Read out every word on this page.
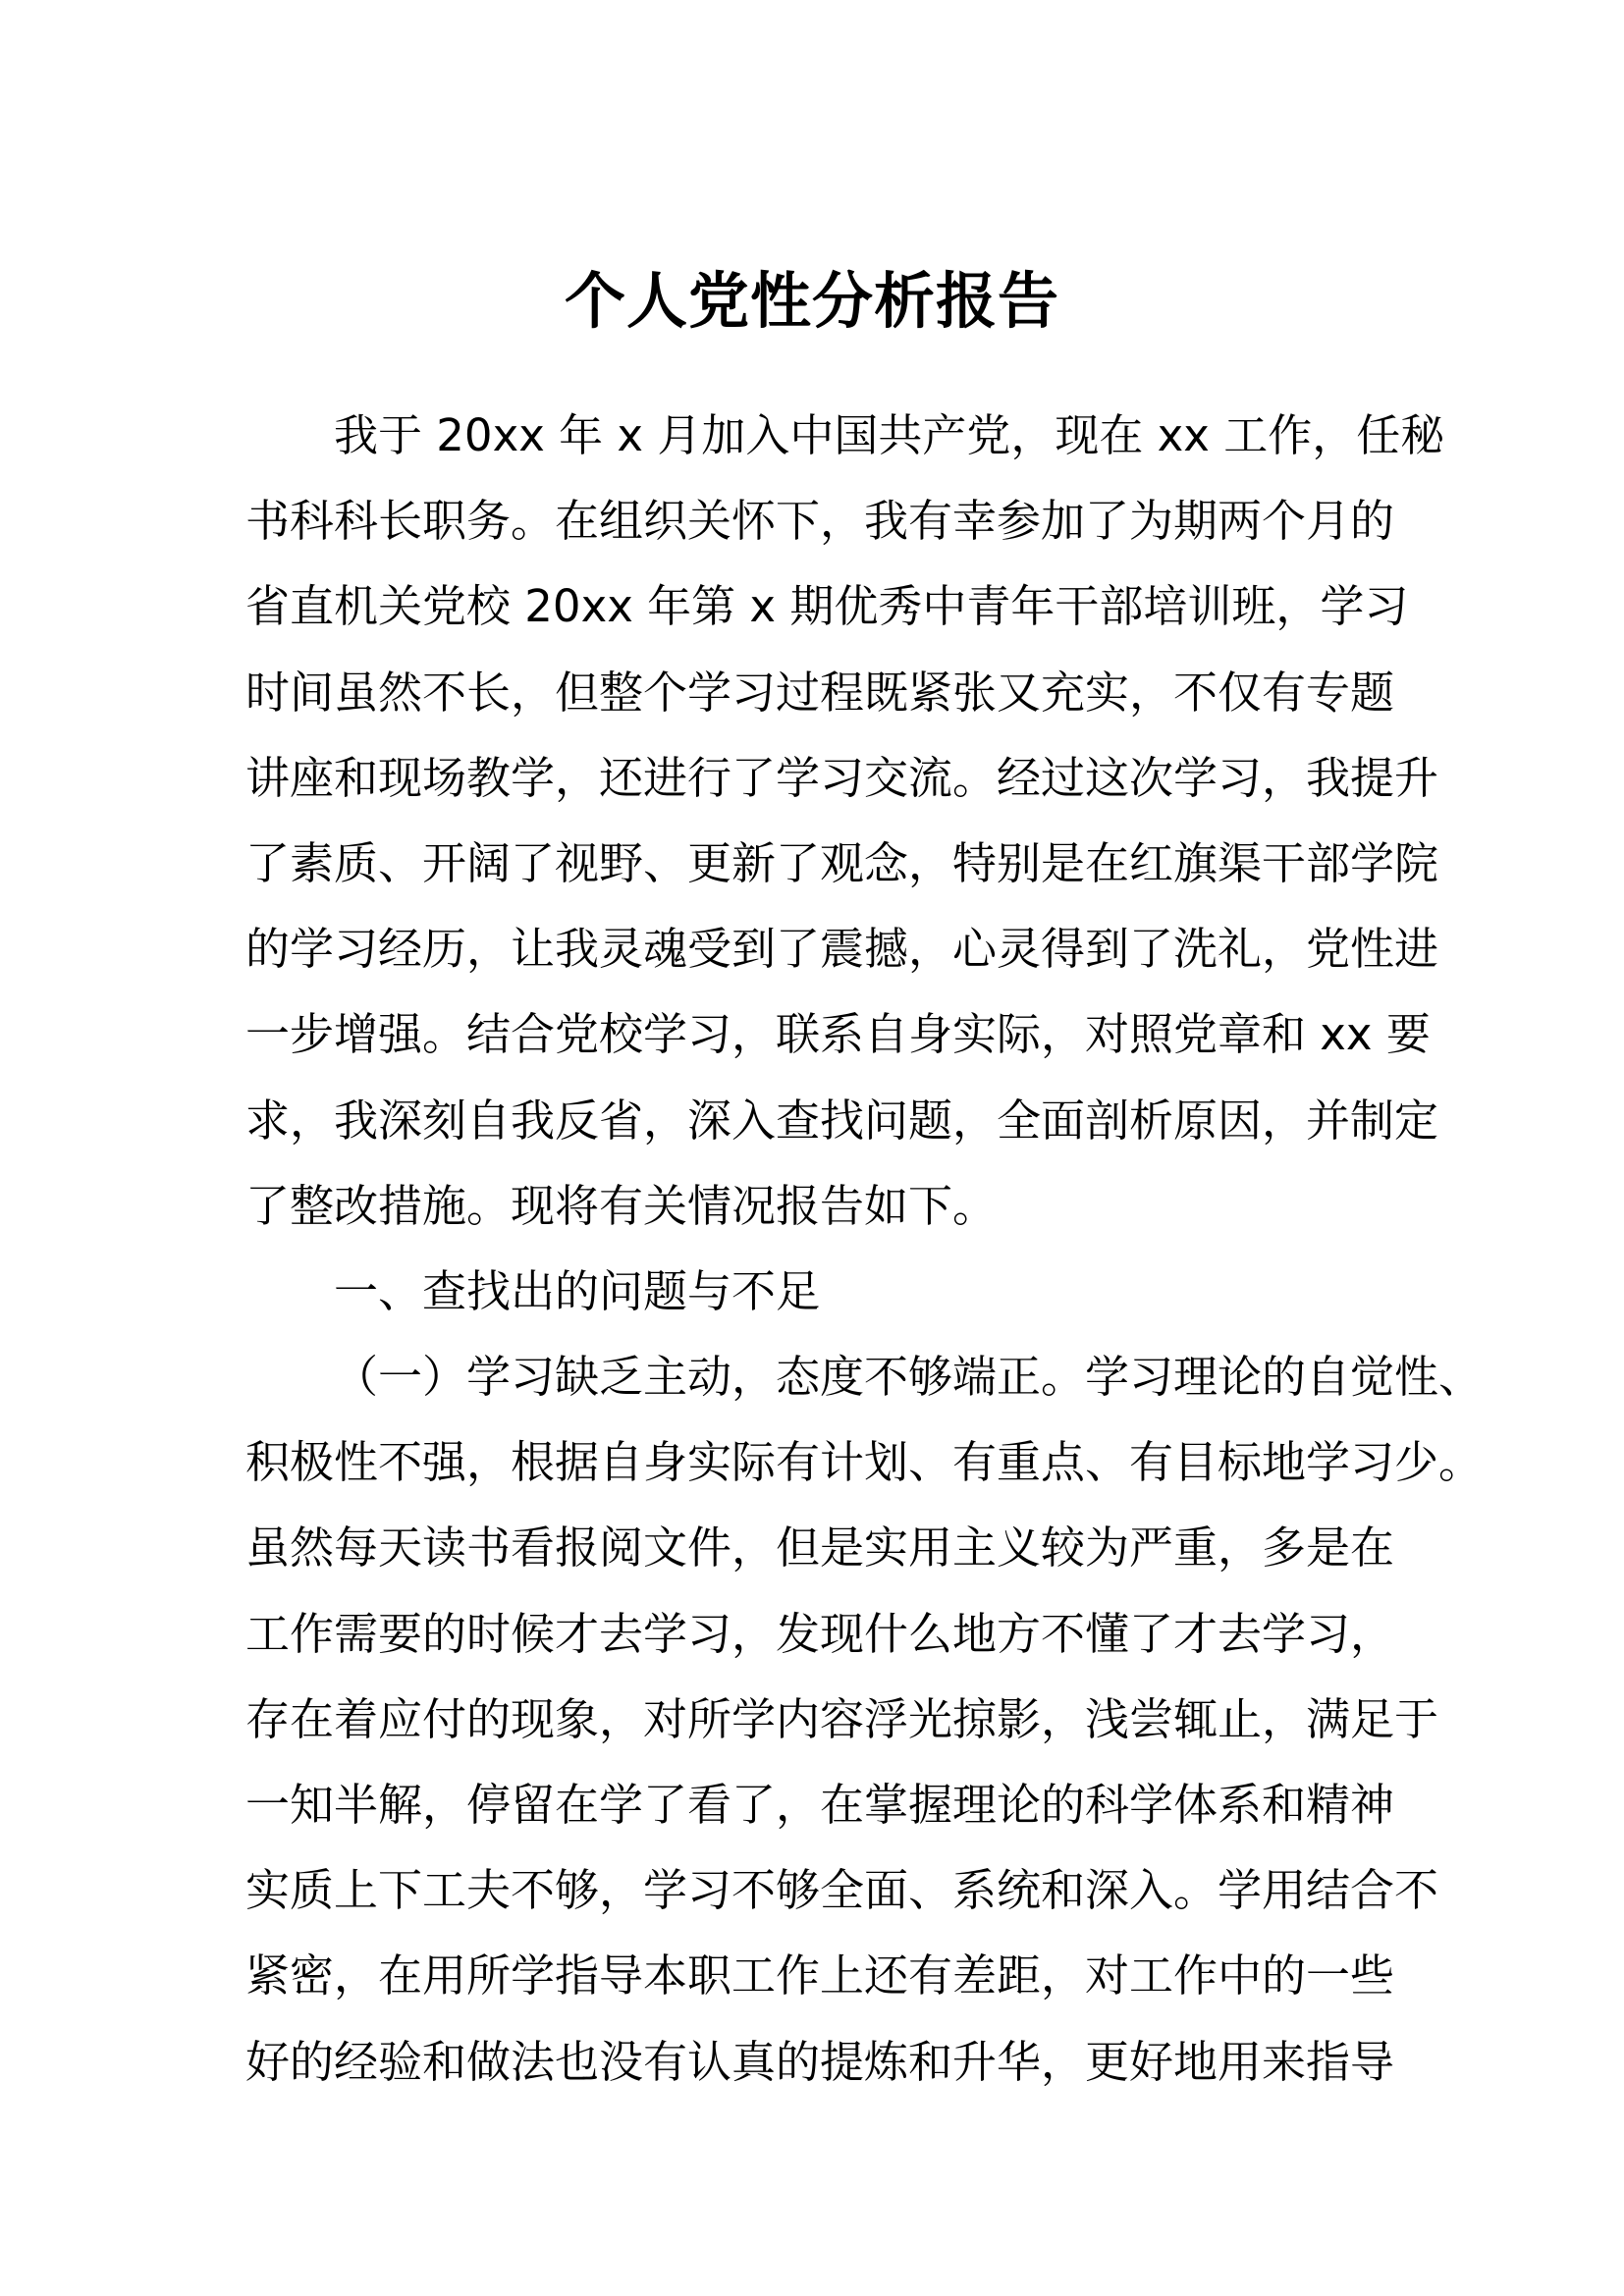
个人党性分析报告
我于 20xx 年 x 月加入中国共产党，现在 xx 工作，任秘
书科科长职务。在组织关怀下，我有幸参加了为期两个月的
省直机关党校 20xx 年第 x 期优秀中青年干部培训班，学习
时间虽然不长，但整个学习过程既紧张又充实，不仅有专题
讲座和现场教学，还进行了学习交流。经过这次学习，我提升
了素质、开阔了视野、更新了观念，特别是在红旗渠干部学院
的学习经历，让我灵魂受到了震撼，心灵得到了洗礼，党性进
一步增强。结合党校学习，联系自身实际，对照党章和 xx 要
求，我深刻自我反省，深入查找问题，全面剖析原因，并制定
了整改措施。现将有关情况报告如下。
一、查找出的问题与不足
（一）学习缺乏主动，态度不够端正。学习理论的自觉性、
积极性不强，根据自身实际有计划、有重点、有目标地学习少。
虽然每天读书看报阅文件，但是实用主义较为严重，多是在
工作需要的时候才去学习，发现什么地方不懂了才去学习，
存在着应付的现象，对所学内容浮光掠影，浅尝辄止，满足于
一知半解，停留在学了看了，在掌握理论的科学体系和精神
实质上下工夫不够，学习不够全面、系统和深入。学用结合不
紧密，在用所学指导本职工作上还有差距，对工作中的一些
好的经验和做法也没有认真的提炼和升华，更好地用来指导
